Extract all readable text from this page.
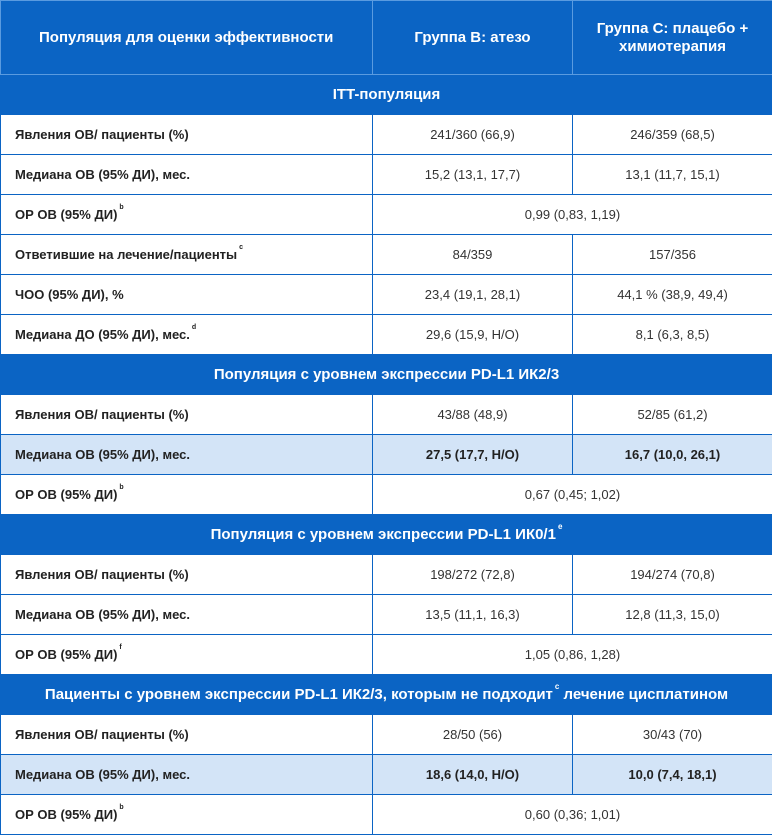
Популяция для оценки эффективности	Группа B: атезо	Группа C: плацебо +
химиотерапия
ITT-популяция		
Явления ОВ/ пациенты (%)	241/360 (66,9)	246/359 (68,5)
Медиана ОВ (95% ДИ), мес.	15,2 (13,1, 17,7)	13,1 (11,7, 15,1)
ОР ОВ (95% ДИ) $^b$	0,99 (0,83, 1,19)	
Ответившие на лечение/пациенты $^c$	84/359	157/356
ЧОО (95% ДИ), %	23,4 (19,1, 28,1)	44,1 % (38,9, 49,4)
Медиана ДО (95% ДИ), мес. $^d$	29,6 (15,9, Н/О)	8,1 (6,3, 8,5)
Популяция с уровнем экспрессии PD-L1 ИК2/3		
Явления ОВ/ пациенты (%)	43/88 (48,9)	52/85 (61,2)
Медиана ОВ (95% ДИ), мес.	27,5 (17,7, Н/О)	16,7 (10,0, 26,1)
ОР ОВ (95% ДИ) $^b$	0,67 (0,45; 1,02)	
Популяция с уровнем экспрессии PD-L1 ИК0/1 $^e$
Явления ОВ/ пациенты (%)	198/272 (72,8)	194/274 (70,8)
Медиана ОВ (95% ДИ), мес.	13,5 (11,1, 16,3)	12,8 (11,3, 15,0)
ОР ОВ (95% ДИ) $^f$	1,05 (0,86, 1,28)	
Пациенты с уровнем экспрессии PD-L1 ИК2/3, которым не подходит $^c$ лечение цисплатином		
Явления ОВ/ пациенты (%)	28/50 (56)	30/43 (70)
Медиана ОВ (95% ДИ), мес.	18,6 (14,0, Н/О)	10,0 (7,4, 18,1)
ОР ОВ (95% ДИ) $^b$	0,60 (0,36; 1,01)	
